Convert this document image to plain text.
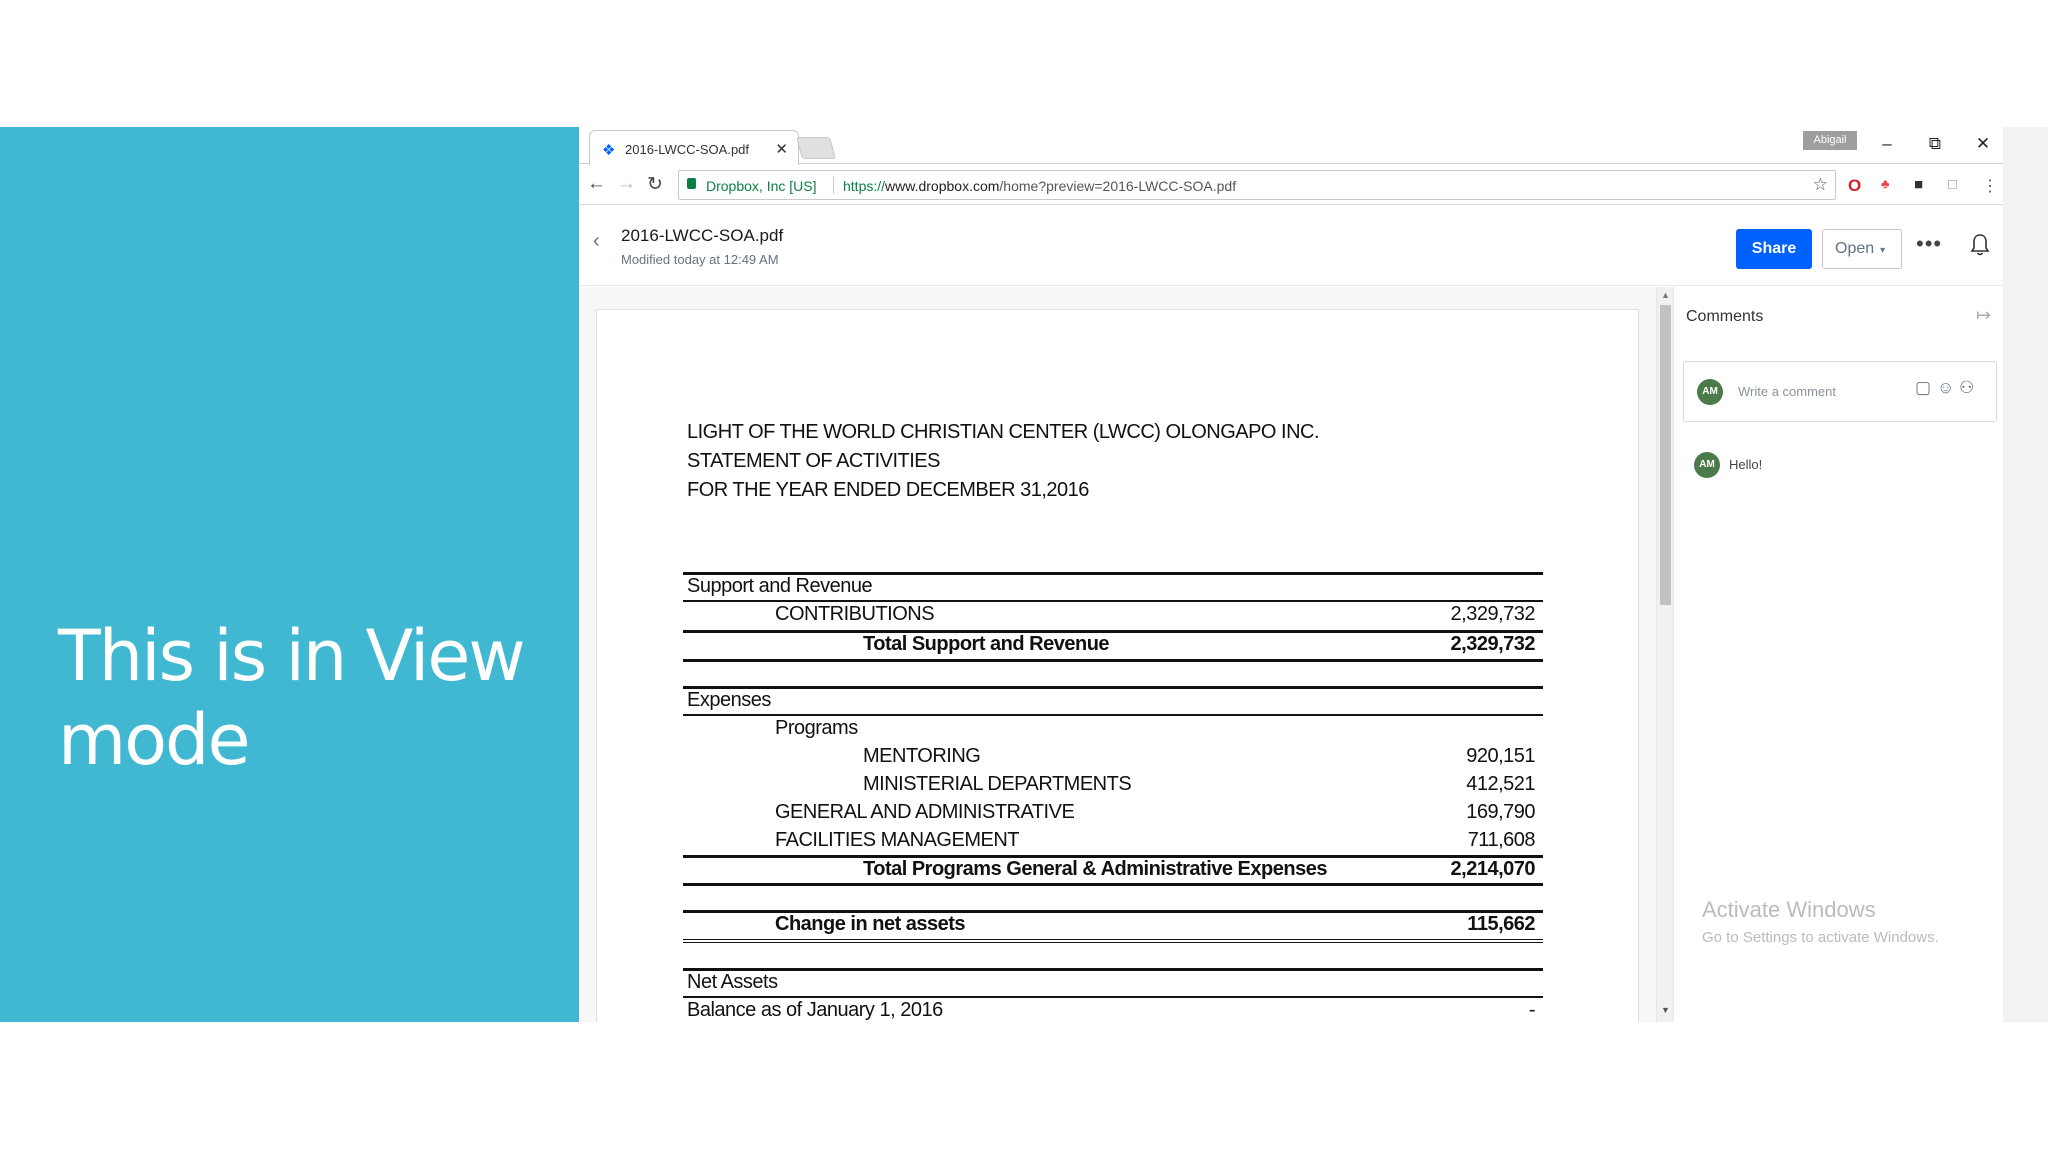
This is in View mode
❖ 2016-LWCC-SOA.pdf ✕
Abigail	–	⧉	✕
← → ↻	Dropbox, Inc [US] https://www.dropbox.com/home?preview=2016-LWCC-SOA.pdf	☆ O ♣ ■ □ ⋮
‹ 2016-LWCC-SOA.pdf
Modified today at 12:49 AM
Share	Open ▾	•••
LIGHT OF THE WORLD CHRISTIAN CENTER (LWCC) OLONGAPO INC.
STATEMENT OF ACTIVITIES
FOR THE YEAR ENDED DECEMBER 31,2016
Support and Revenue
CONTRIBUTIONS	2,329,732
Total Support and Revenue	2,329,732
Expenses
Programs
MENTORING	920,151
MINISTERIAL DEPARTMENTS	412,521
GENERAL AND ADMINISTRATIVE	169,790
FACILITIES MANAGEMENT	711,608
Total Programs General & Administrative Expenses	2,214,070
Change in net assets	115,662
Net Assets
Balance as of January 1, 2016	-
▲
▼
Comments	↦
AM	Write a comment	▢ ☺ ⚇
AM	Hello!
Activate Windows
Go to Settings to activate Windows.
